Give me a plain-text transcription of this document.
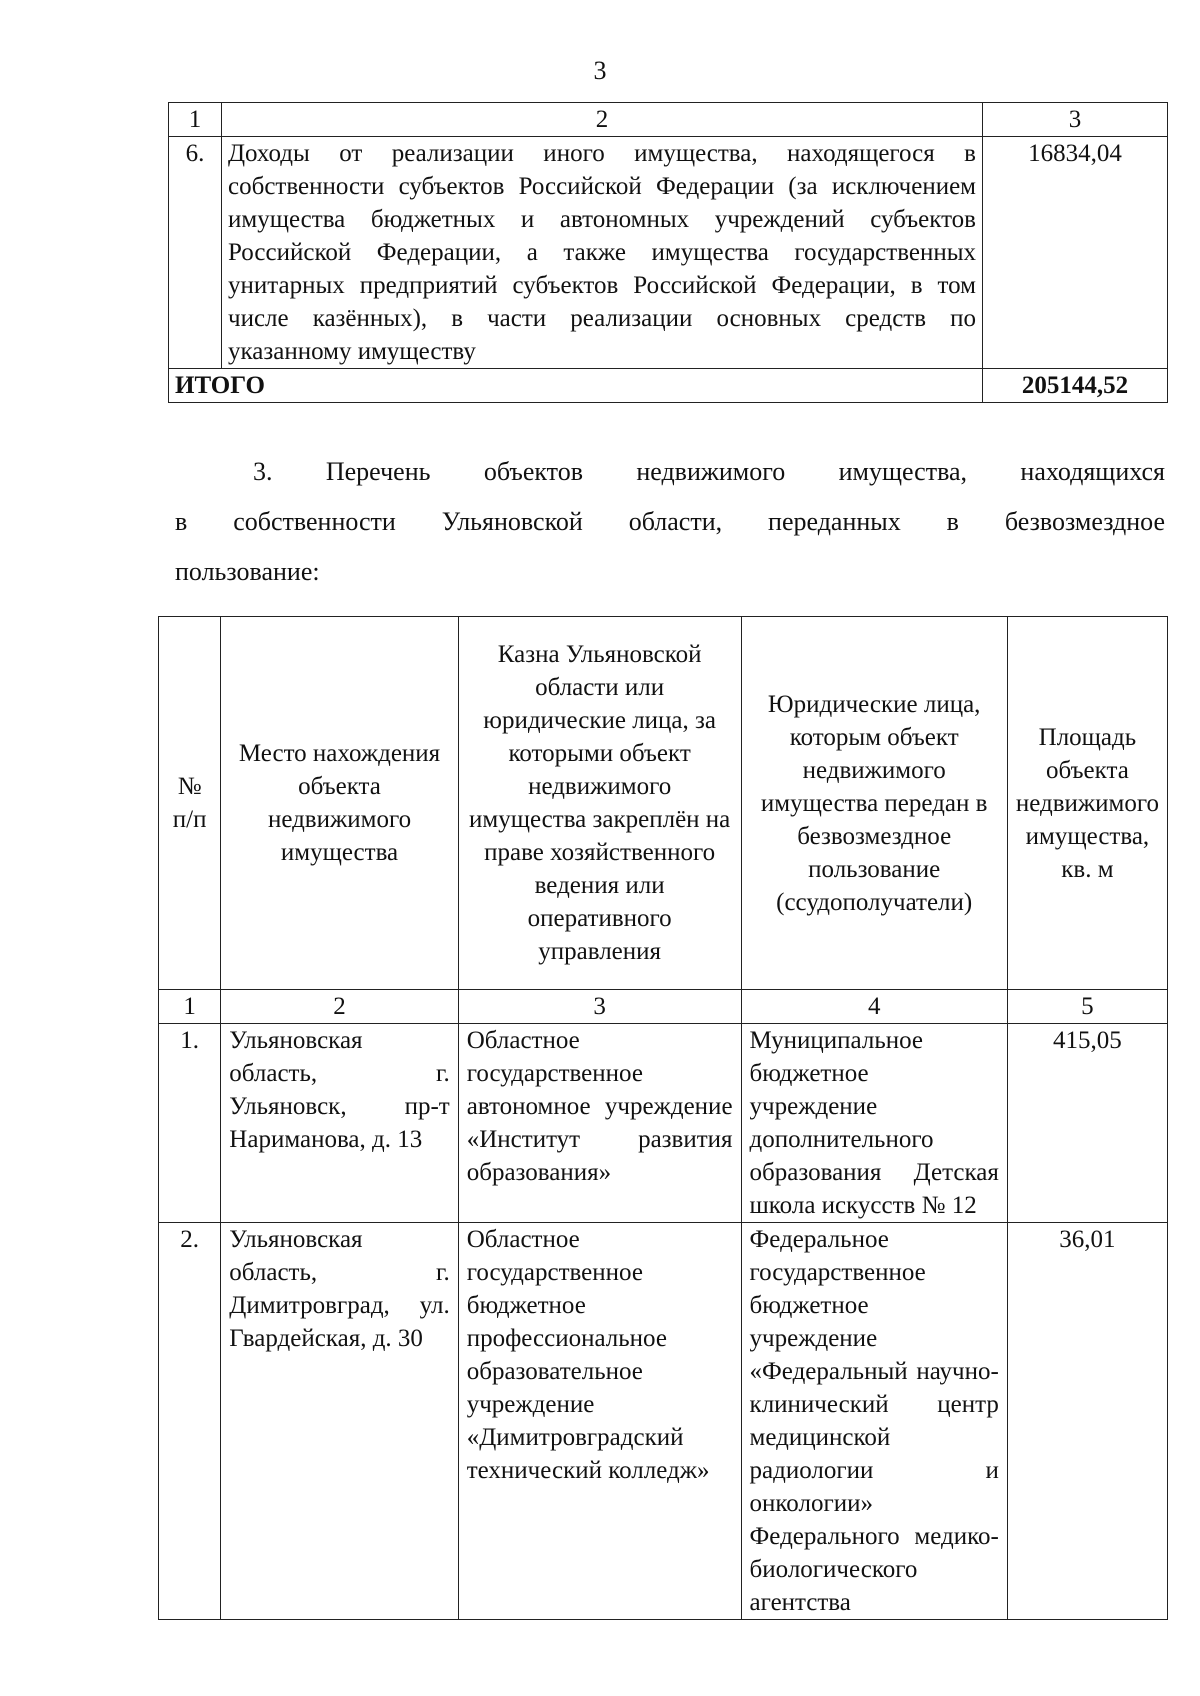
3
1	2	3
6.	Доходы от реализации иного имущества, находящегося в собственности субъектов Российской Федерации (за исключением имущества бюджетных и автономных учреждений субъектов Российской Федерации, а также имущества государственных унитарных предприятий субъектов Российской Федерации, в том числе казённых), в части реализации основных средств по указанному имуществу	16834,04
ИТОГО		205144,52
3. Перечень объектов недвижимого имущества, находящихся
в собственности Ульяновской области, переданных в безвозмездное
пользование:
№ п/п	Место нахождения объекта недвижимого имущества	Казна Ульяновской области или юридические лица, за которыми объект недвижимого имущества закреплён на праве хозяйственного ведения или оперативного управления	Юридические лица, которым объект недвижимого имущества передан в безвозмездное пользование (ссудополучатели)	Площадь объекта недвижимого имущества, кв. м
1	2	3	4	5
1.	Ульяновская область, г. Ульяновск, пр-т Нариманова, д. 13	Областное государственное автономное учреждение «Институт развития образования»	Муниципальное бюджетное учреждение дополнительного образования Детская школа искусств № 12	415,05
2.	Ульяновская область, г. Димитровград, ул. Гвардейская, д. 30	Областное государственное бюджетное профессиональное образовательное учреждение «Димитровградский технический колледж»	Федеральное государственное бюджетное учреждение «Федеральный научно-клинический центр медицинской радиологии и онкологии» Федерального медико-биологического агентства	36,01
